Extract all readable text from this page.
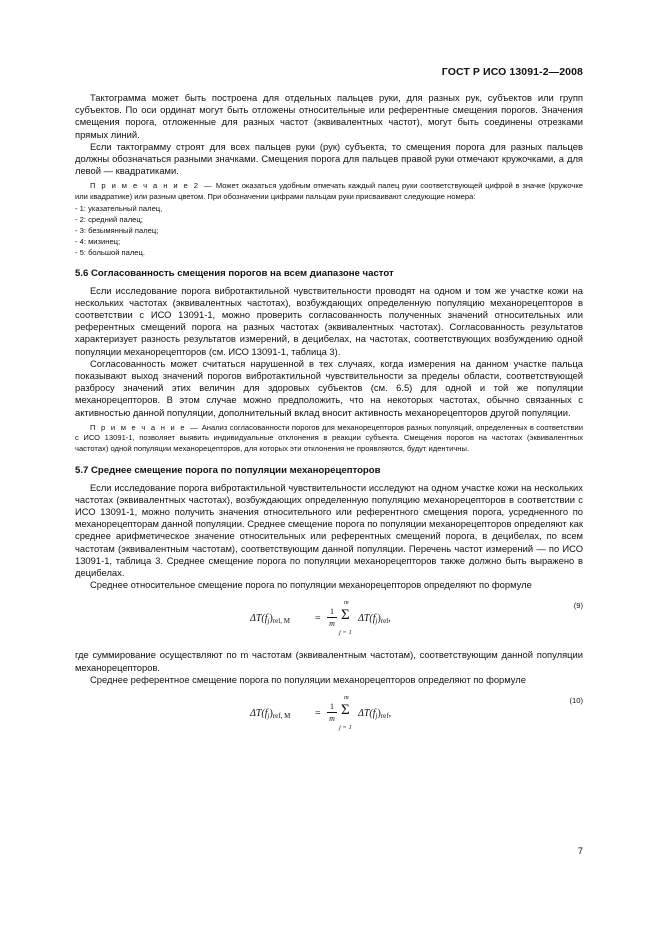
ГОСТ Р ИСО 13091-2—2008

Тактограмма может быть построена для отдельных пальцев руки, для разных рук, субъектов или групп субъектов. По оси ординат могут быть отложены относительные или референтные смещения порогов. Значения смещения порога, отложенные для разных частот (эквивалентных частот), могут быть соединены отрезками прямых линий.

Если тактограмму строят для всех пальцев руки (рук) субъекта, то смещения порога для разных пальцев должны обозначаться разными значками. Смещения порога для пальцев правой руки отмечают кружочками, а для левой — квадратиками.

П р и м е ч а н и е 2 — Может оказаться удобным отмечать каждый палец руки соответствующей цифрой в значке (кружочке или квадратике) или разным цветом. При обозначении цифрами пальцам руки присваивают следующие номера:

- 1: указательный палец,
- 2: средний палец;
- 3: безымянный палец;
- 4: мизинец;
- 5: большой палец.
5.6 Согласованность смещения порогов на всем диапазоне частот

Если исследование порога вибротактильной чувствительности проводят на одном и том же участке кожи на нескольких частотах (эквивалентных частотах), возбуждающих определенную популяцию механорецепторов в соответствии с ИСО 13091-1, можно проверить согласованность полученных значений относительных или референтных смещений порога на разных частотах (эквивалентных частотах). Согласованность результатов характеризует разность результатов измерений, в децибелах, на частотах, соответствующих возбуждению одной популяции механорецепторов (см. ИСО 13091-1, таблица 3).

Согласованность может считаться нарушенной в тех случаях, когда измерения на данном участке пальца показывают выход значений порогов вибротактильной чувствительности за пределы области, соответствующей разбросу значений этих величин для здоровых субъектов (см. 6.5) для одной и той же популяции механорецепторов. В этом случае можно предположить, что на некоторых частотах, обычно связанных с активностью данной популяции, дополнительный вклад вносит активность механорецепторов другой популяции.

П р и м е ч а н и е — Анализ согласованности порогов для механорецепторов разных популяций, определенных в соответствии с ИСО 13091-1, позволяет выявить индивидуальные отклонения в реакции субъекта. Смещения порогов на частотах (эквивалентных частотах) одной популяции механорецепторов, для которых эти отклонения не проявляются, будут идентичны.

5.7 Среднее смещение порога по популяции механорецепторов

Если исследование порога вибротактильной чувствительности исследуют на одном участке кожи на нескольких частотах (эквивалентных частотах), возбуждающих определенную популяцию механорецепторов в соответствии с ИСО 13091-1, можно получить значения относительного или референтного смещения порога, усредненного по механорецепторам данной популяции. Среднее смещение порога по популяции механорецепторов определяют как среднее арифметическое значение относительных или референтных смещений порога, в децибелах, по всем частотам (эквивалентным частотам), соответствующим данной популяции. Перечень частот измерений — по ИСО 13091-1, таблица 3. Среднее смещение порога по популяции механорецепторов также должно быть выражено в децибелах.

Среднее относительное смещение порога по популяции механорецепторов определяют по формуле

$\Delta T(f_j)_{rel, M}$	=
1
m
m
Σ
j = 1
$\Delta T(f_j)_{rel}$,
(9)

где суммирование осуществляют по m частотам (эквивалентным частотам), соответствующим данной популяции механорецепторов.

Среднее референтное смещение порога по популяции механорецепторов определяют по формуле

$\Delta T(f_j)_{ref, M}$ =
1
m
m
Σ
j = 1
$\Delta T(f_j)_{ref}$,
(10)
7
